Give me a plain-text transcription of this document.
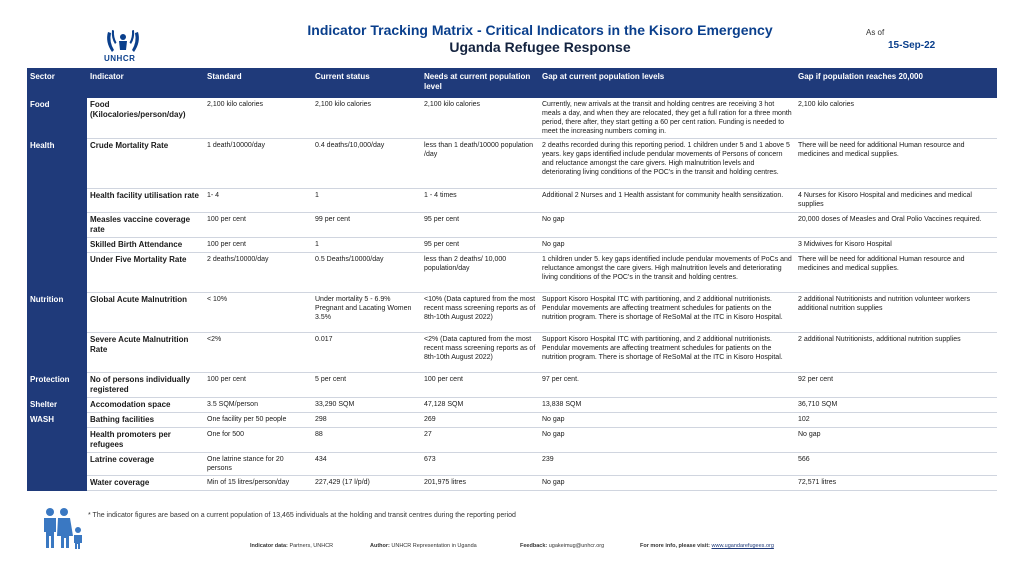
UNHCR
Indicator Tracking Matrix - Critical Indicators in the Kisoro Emergency
Uganda Refugee Response
As of
15-Sep-22
Sector	Indicator	Standard	Current status	Needs at current population level	Gap at current population levels	Gap if population reaches 20,000
Food	Food (Kilocalories/person/day)	2,100 kilo calories	2,100 kilo calories	2,100 kilo calories	Currently, new arrivals at the transit and holding centres are receiving 3 hot meals a day, and when they are relocated, they get a full ration for a three month period, there after, they start getting a 60 per cent ration. Funding is needed to meet the increasing numbers coming in.	2,100 kilo calories
Health	Crude Mortality Rate	1 death/10000/day	0.4 deaths/10,000/day	less than 1 death/10000 population /day	2 deaths recorded during this reporting period. 1 children under 5 and 1 above 5 years. key gaps identified include pendular movements of Persons of concern and reluctance amongst the care givers. High malnutrition levels and deteriorating living conditions of the POC's in the transit and holding centres.	There will be need for additional Human resource and medicines and medical supplies.
	Health facility utilisation rate	1- 4	1	1 - 4 times	Additional 2 Nurses and 1 Health assistant for community health sensitization.	4 Nurses for Kisoro Hospital and medicines and medical supplies
	Measles vaccine coverage rate	100 per cent	99 per cent	95 per cent	No gap	20,000 doses of Measles and Oral Polio Vaccines required.
	Skilled Birth Attendance	100 per cent	1	95 per cent	No gap	3 Midwives for Kisoro Hospital
	Under Five Mortality Rate	2 deaths/10000/day	0.5 Deaths/10000/day	less than 2 deaths/ 10,000 population/day	1 children under 5. key gaps identified include pendular movements of PoCs and reluctance amongst the care givers. High malnutrition levels and deteriorating living conditions of the POC's in the transit and holding centres.	There will be need for additional Human resource and medicines and medical supplies.
Nutrition	Global Acute Malnutrition	< 10%	Under mortality 5 - 6.9% Pregnant and Lacating Women 3.5%	<10% (Data captured from the most recent mass screening reports as of 8th-10th August 2022)	Support Kisoro Hospital ITC with partitioning, and 2 additional nutritionists. Pendular movements are affecting treatment schedules for patients on the nutrition program. There is shortage of ReSoMal at the ITC in Kisoro Hospital.	2 additional Nutritionists and nutrition volunteer workers additional nutrition supplies
	Severe Acute Malnutrition Rate	<2%	0.017	<2% (Data captured from the most recent mass screening reports as of 8th-10th August 2022)	Support Kisoro Hospital ITC with partitioning, and 2 additional nutritionists. Pendular movements are affecting treatment schedules for patients on the nutrition program. There is shortage of ReSoMal at the ITC in Kisoro Hospital.	2 additional Nutritionists, additional nutrition supplies
Protection	No of persons individually registered	100 per cent	5 per cent	100 per cent	97 per cent.	92 per cent
Shelter	Accomodation space	3.5 SQM/person	33,290 SQM	47,128 SQM	13,838 SQM	36,710 SQM
WASH	Bathing facilities	One facility per 50 people	298	269	No gap	102
	Health promoters per refugees	One for 500	88	27	No gap	No gap
	Latrine coverage	One latrine stance for 20 persons	434	673	239	566
	Water coverage	Min of 15 litres/person/day	227,429 (17 l/p/d)	201,975 litres	No gap	72,571 litres
* The indicator figures are based on a current population of 13,465 individuals at the holding and transit centres during the reporting period
Indicator data: Partners, UNHCR	Author: UNHCR Representation in Uganda	Feedback: ugakeimug@unhcr.org	For more info, please visit: www.ugandarefugees.org
